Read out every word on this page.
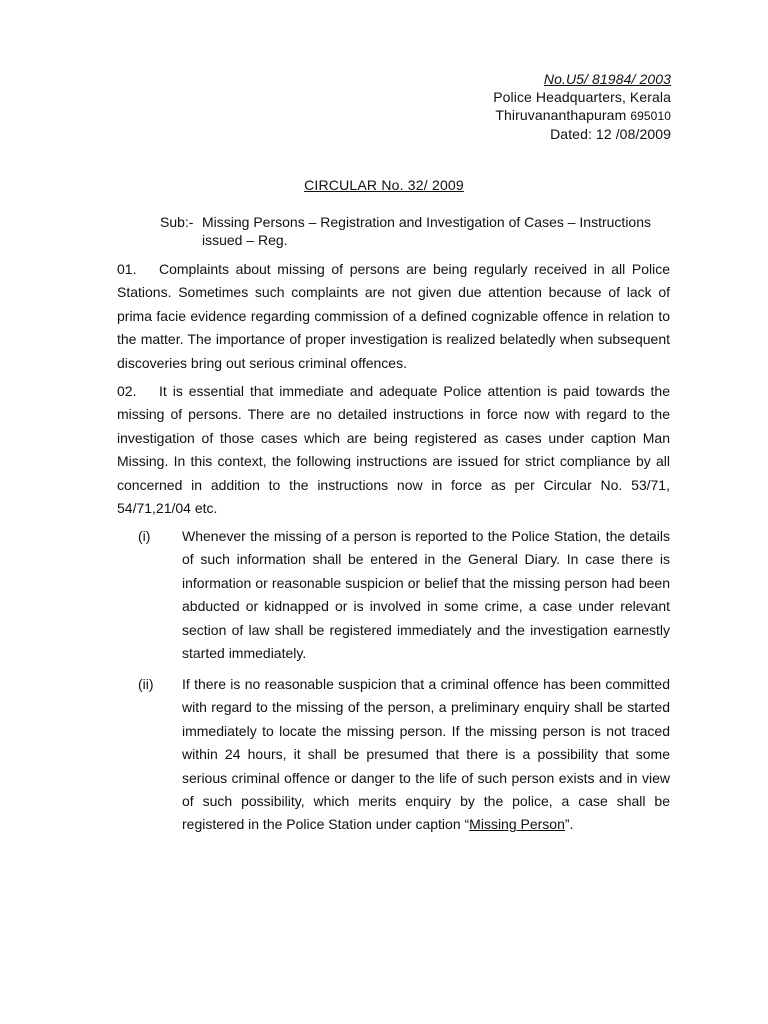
No.U5/ 81984/ 2003
Police Headquarters, Kerala
Thiruvananthapuram 695010
Dated: 12 /08/2009
CIRCULAR No. 32/ 2009
Sub:- Missing Persons – Registration and Investigation of Cases – Instructions
issued – Reg.
01. Complaints about missing of persons are being regularly received in all Police Stations. Sometimes such complaints are not given due attention because of lack of prima facie evidence regarding commission of a defined cognizable offence in relation to the matter. The importance of proper investigation is realized belatedly when subsequent discoveries bring out serious criminal offences.
02. It is essential that immediate and adequate Police attention is paid towards the missing of persons. There are no detailed instructions in force now with regard to the investigation of those cases which are being registered as cases under caption Man Missing. In this context, the following instructions are issued for strict compliance by all concerned in addition to the instructions now in force as per Circular No. 53/71, 54/71,21/04 etc.
(i)	Whenever the missing of a person is reported to the Police Station, the details of such information shall be entered in the General Diary. In case there is information or reasonable suspicion or belief that the missing person had been abducted or kidnapped or is involved in some crime, a case under relevant section of law shall be registered immediately and the investigation earnestly started immediately.
(ii)	If there is no reasonable suspicion that a criminal offence has been committed with regard to the missing of the person, a preliminary enquiry shall be started immediately to locate the missing person. If the missing person is not traced within 24 hours, it shall be presumed that there is a possibility that some serious criminal offence or danger to the life of such person exists and in view of such possibility, which merits enquiry by the police, a case shall be registered in the Police Station under caption “Missing Person”.
